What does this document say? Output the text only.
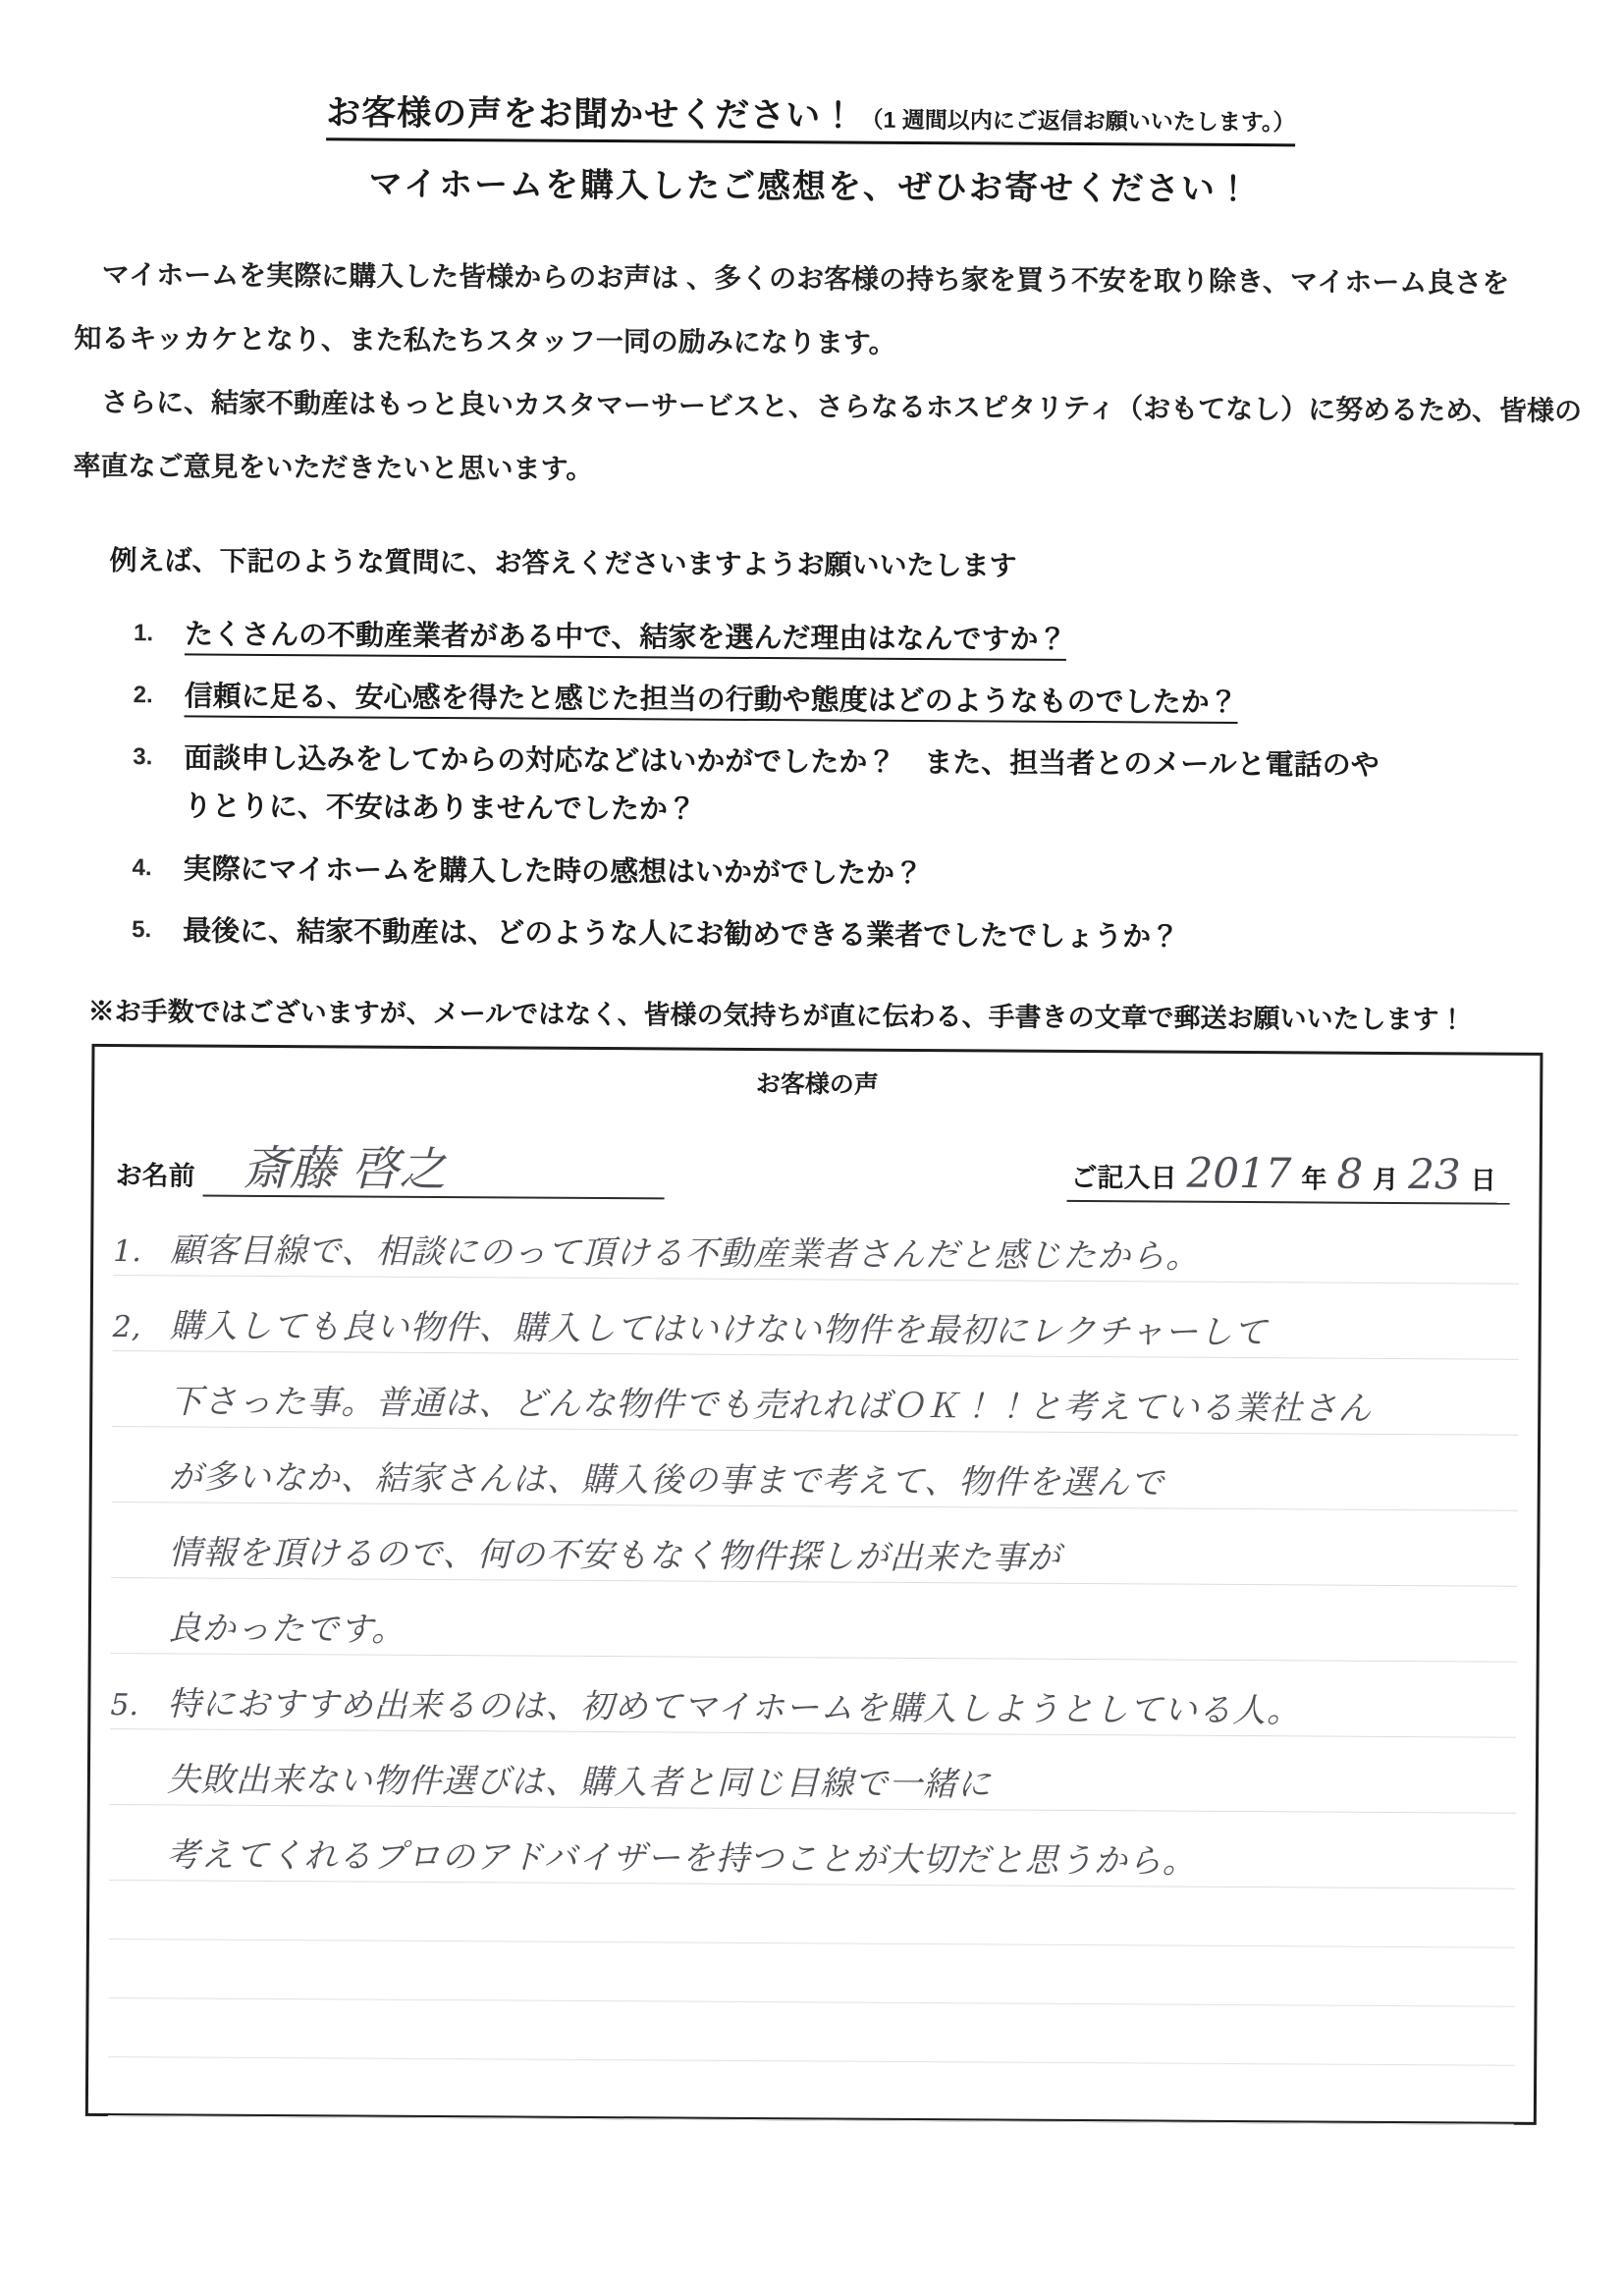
お客様の声をお聞かせください！ （1 週間以内にご返信お願いいたします。）
マイホームを購入したご感想を、ぜひお寄せください！
マイホームを実際に購入した皆様からのお声は 、多くのお客様の持ち家を買う不安を取り除き、マイホーム良さを
知るキッカケとなり、また私たちスタッフ一同の励みになります。
さらに、結家不動産はもっと良いカスタマーサービスと、さらなるホスピタリティ（おもてなし）に努めるため、皆様の
率直なご意見をいただきたいと思います。
例えば、下記のような質問に、お答えくださいますようお願いいたします
1.	たくさんの不動産業者がある中で、結家を選んだ理由はなんですか？
2.	信頼に足る、安心感を得たと感じた担当の行動や態度はどのようなものでしたか？
3.	面談申し込みをしてからの対応などはいかがでしたか？　また、担当者とのメールと電話のや
りとりに、不安はありませんでしたか？
4.	実際にマイホームを購入した時の感想はいかがでしたか？
5.	最後に、結家不動産は、どのような人にお勧めできる業者でしたでしょうか？
※お手数ではございますが、メールではなく、皆様の気持ちが直に伝わる、手書きの文章で郵送お願いいたします！
お客様の声
お名前 斎藤 啓之	ご記入日 2017 年 8 月 23 日
1. 顧客目線で、相談にのって頂ける不動産業者さんだと感じたから。
2, 購入しても良い物件、購入してはいけない物件を最初にレクチャーして
下さった事。普通は、どんな物件でも売れればＯＫ！！と考えている業社さん
が多いなか、結家さんは、購入後の事まで考えて、物件を選んで
情報を頂けるので、何の不安もなく物件探しが出来た事が
良かったです。
5. 特におすすめ出来るのは、初めてマイホームを購入しようとしている人。
失敗出来ない物件選びは、購入者と同じ目線で一緒に
考えてくれるプロのアドバイザーを持つことが大切だと思うから。
